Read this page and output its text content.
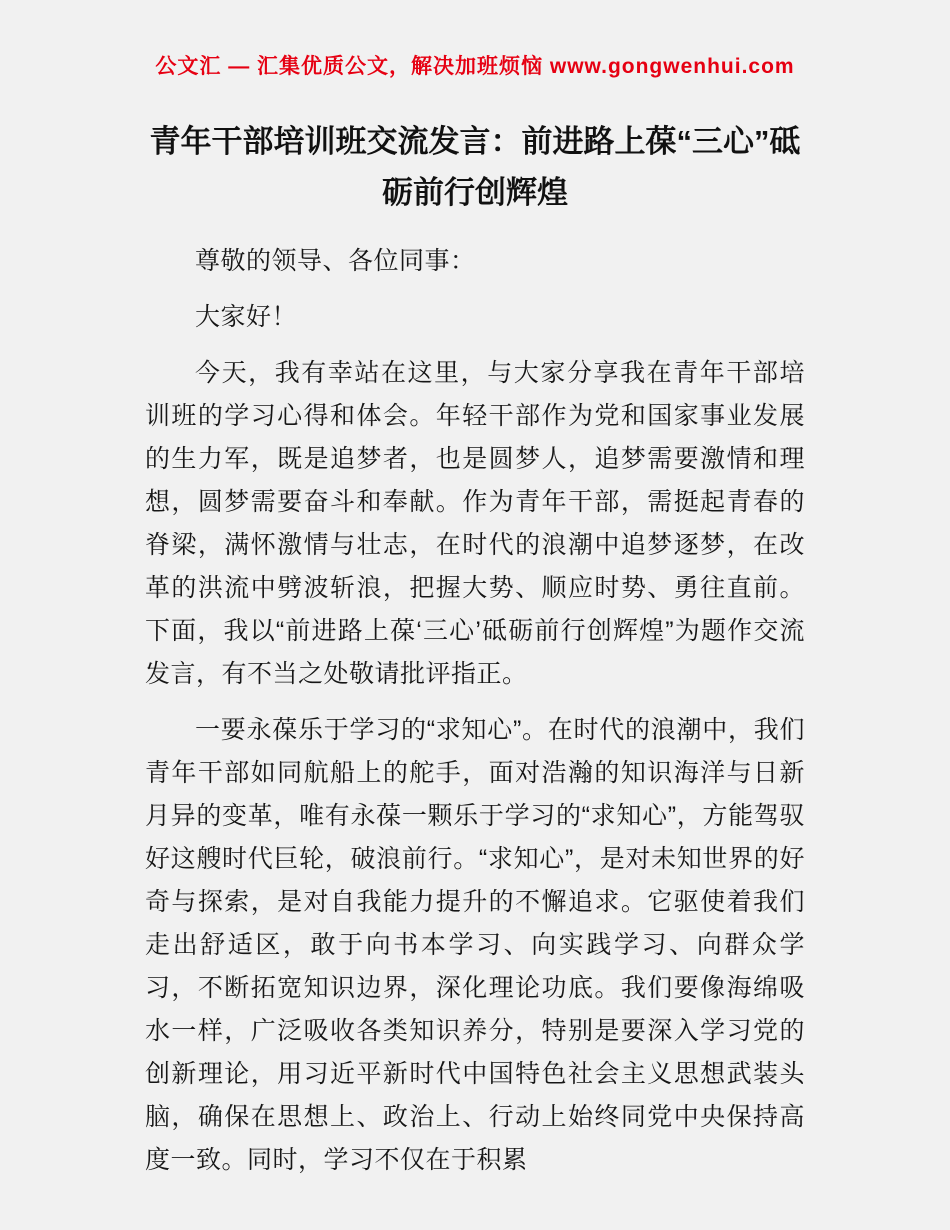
公文汇 — 汇集优质公文，解决加班烦恼 www.gongwenhui.com

青年干部培训班交流发言：前进路上葆“三心”砥砺前行创辉煌

尊敬的领导、各位同事：

大家好！

今天，我有幸站在这里，与大家分享我在青年干部培训班的学习心得和体会。年轻干部作为党和国家事业发展的生力军，既是追梦者，也是圆梦人，追梦需要激情和理想，圆梦需要奋斗和奉献。作为青年干部，需挺起青春的脊梁，满怀激情与壮志，在时代的浪潮中追梦逐梦，在改革的洪流中劈波斩浪，把握大势、顺应时势、勇往直前。下面，我以“前进路上葆‘三心’砥砺前行创辉煌”为题作交流发言，有不当之处敬请批评指正。

一要永葆乐于学习的“求知心”。在时代的浪潮中，我们青年干部如同航船上的舵手，面对浩瀚的知识海洋与日新月异的变革，唯有永葆一颗乐于学习的“求知心”，方能驾驭好这艘时代巨轮，破浪前行。“求知心”，是对未知世界的好奇与探索，是对自我能力提升的不懈追求。它驱使着我们走出舒适区，敢于向书本学习、向实践学习、向群众学习，不断拓宽知识边界，深化理论功底。我们要像海绵吸水一样，广泛吸收各类知识养分，特别是要深入学习党的创新理论，用习近平新时代中国特色社会主义思想武装头脑，确保在思想上、政治上、行动上始终同党中央保持高度一致。同时，学习不仅在于积累
